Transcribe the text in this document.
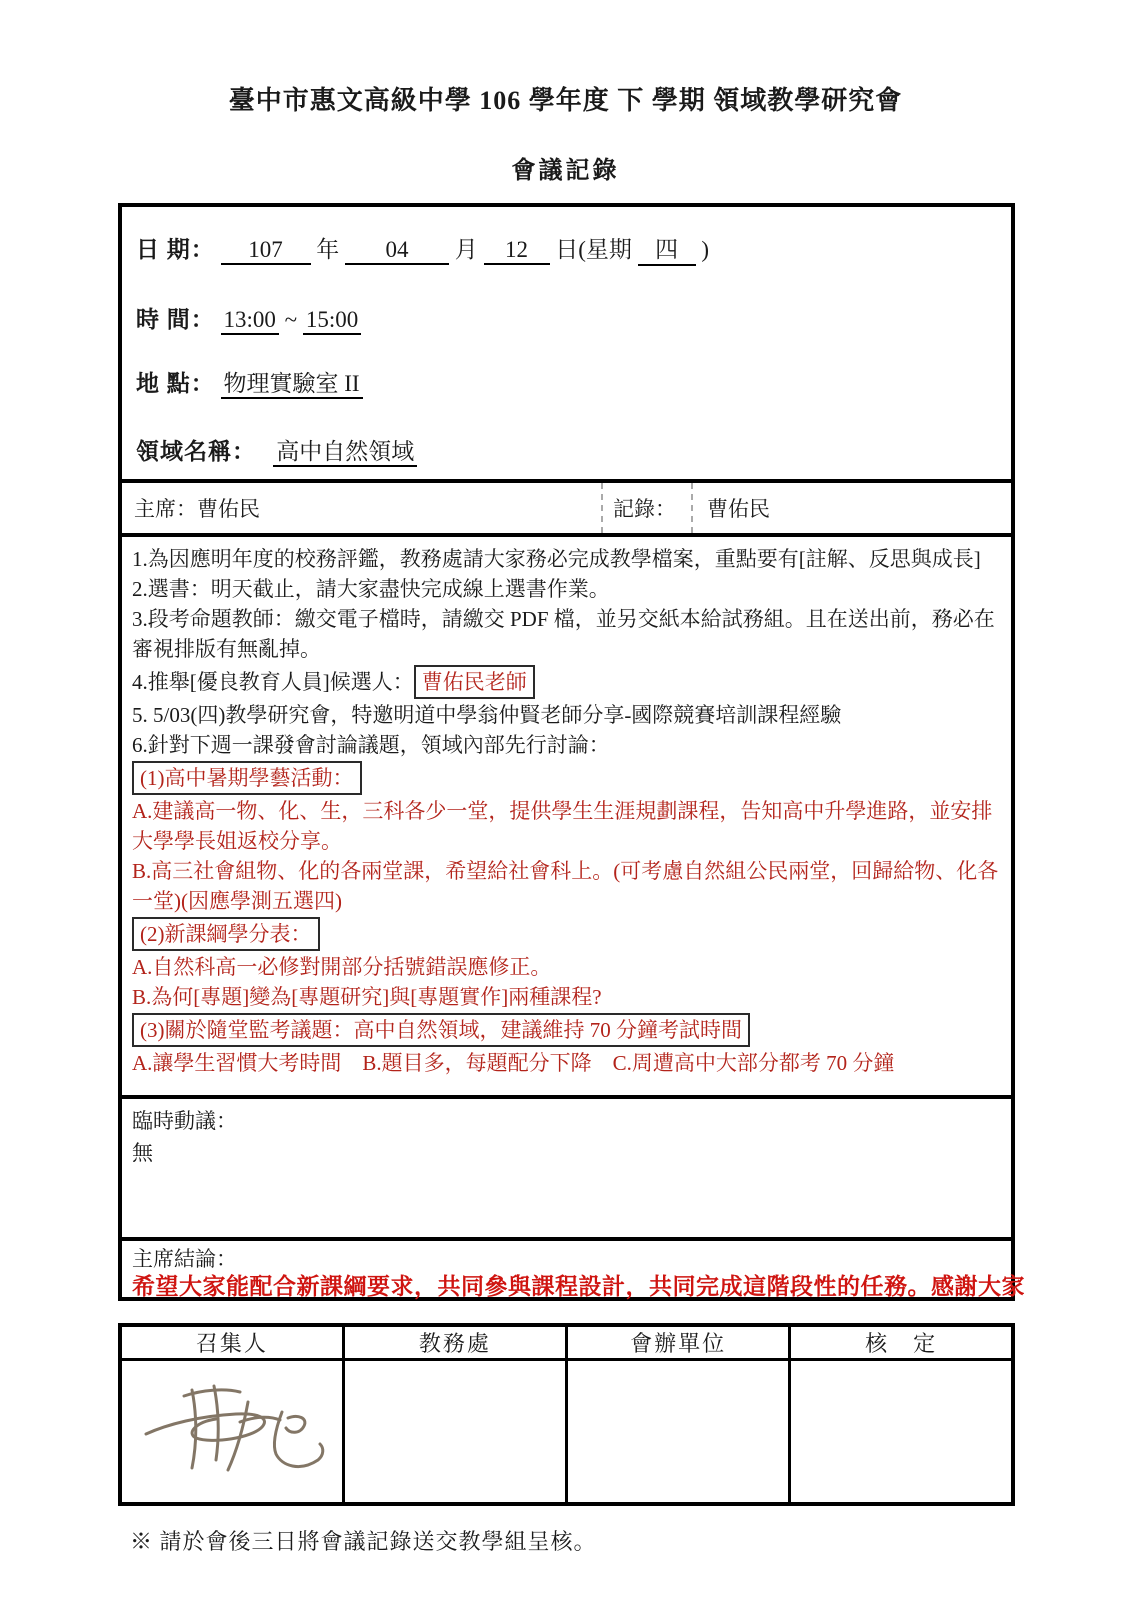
臺中市惠文高級中學 106 學年度 下 學期 領域教學研究會
會議記錄
日 期： 107 年 04 月 12 日(星期 四 )
時 間： 13:00 ~ 15:00
地 點： 物理實驗室 II
領域名稱： 高中自然領域
主席：曹佑民	記錄：	曹佑民
1.為因應明年度的校務評鑑，教務處請大家務必完成教學檔案，重點要有[註解、反思與成長]
2.選書：明天截止，請大家盡快完成線上選書作業。
3.段考命題教師：繳交電子檔時，請繳交 PDF 檔，並另交紙本給試務組。且在送出前，務必在審視排版有無亂掉。
4.推舉[優良教育人員]候選人： 曹佑民老師
5. 5/03(四)教學研究會，特邀明道中學翁仲賢老師分享-國際競賽培訓課程經驗
6.針對下週一課發會討論議題，領域內部先行討論：
(1)高中暑期學藝活動：
A.建議高一物、化、生，三科各少一堂，提供學生生涯規劃課程，告知高中升學進路，並安排大學學長姐返校分享。
B.高三社會組物、化的各兩堂課，希望給社會科上。(可考慮自然組公民兩堂，回歸給物、化各一堂)(因應學測五選四)
(2)新課綱學分表：
A.自然科高一必修對開部分括號錯誤應修正。
B.為何[專題]變為[專題研究]與[專題實作]兩種課程?
(3)關於隨堂監考議題：高中自然領域，建議維持 70 分鐘考試時間
A.讓學生習慣大考時間　B.題目多，每題配分下降　C.周遭高中大部分都考 70 分鐘
臨時動議：
無
主席結論：
希望大家能配合新課綱要求，共同參與課程設計，共同完成這階段性的任務。感謝大家
召集人	教務處	會辦單位	核　定

※ 請於會後三日將會議記錄送交教學組呈核。
